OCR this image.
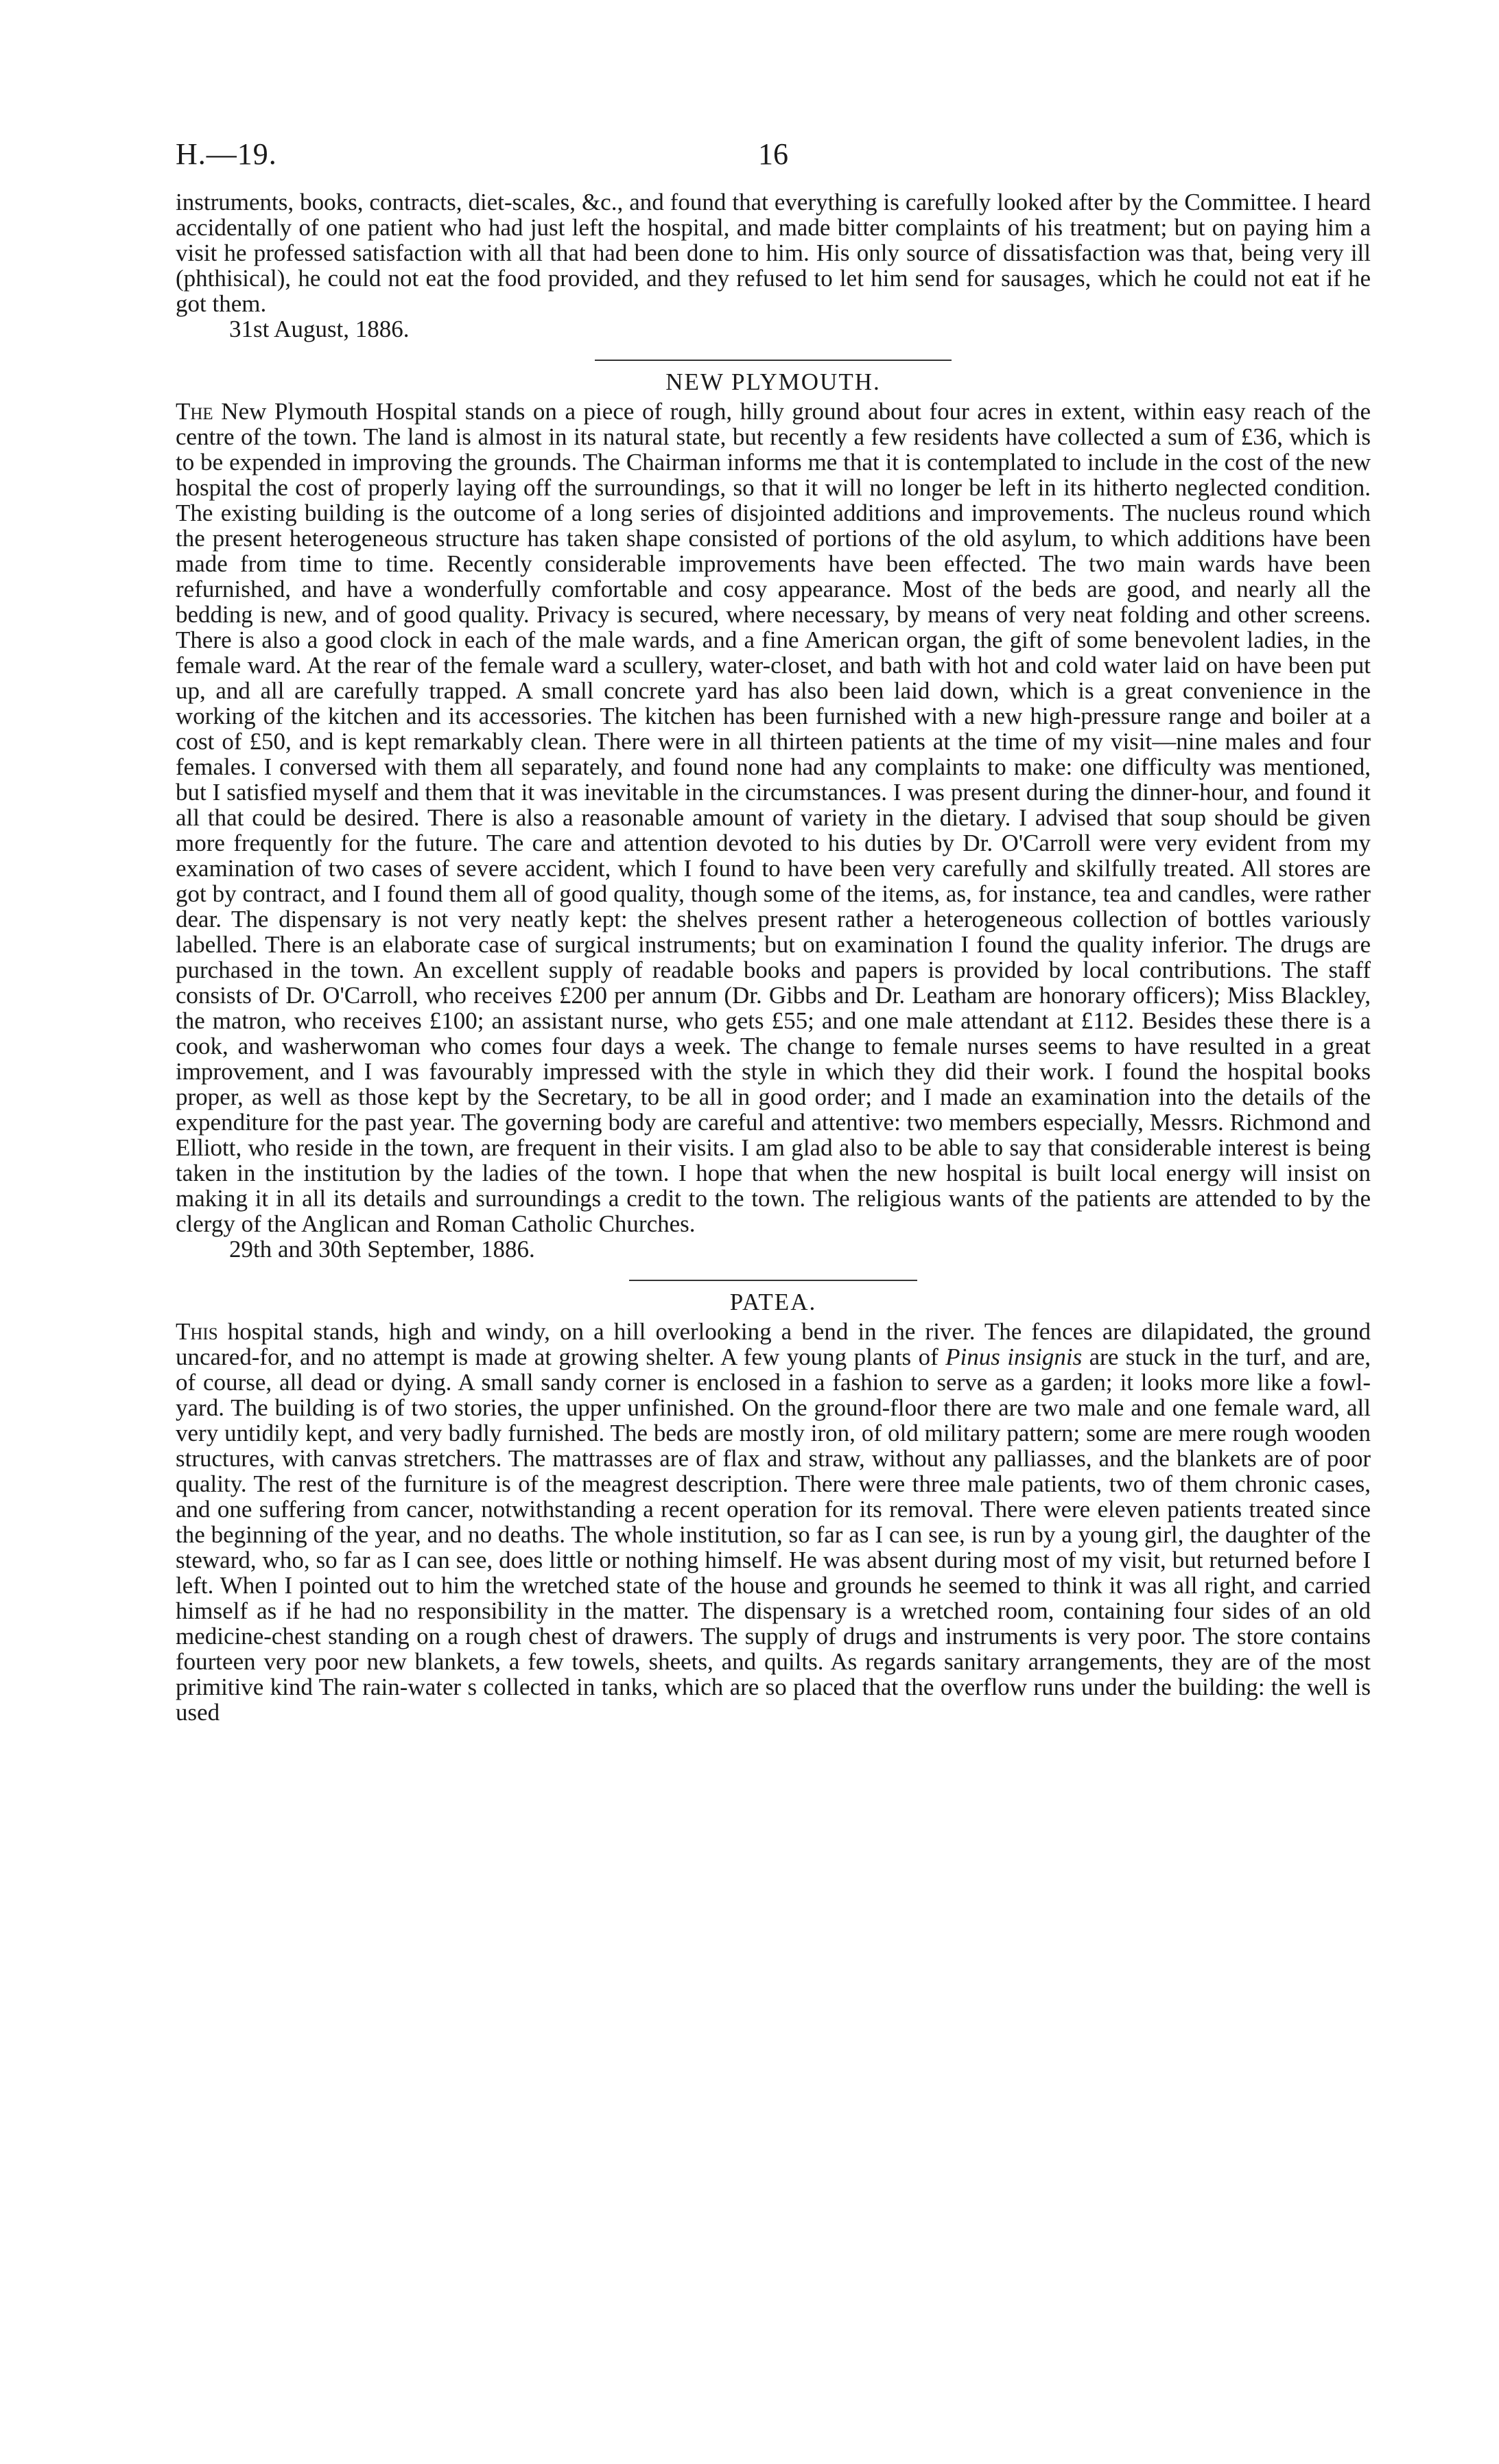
H.—19.	16

instruments, books, contracts, diet-scales, &c., and found that everything is carefully looked after by the Committee. I heard accidentally of one patient who had just left the hospital, and made bitter complaints of his treatment; but on paying him a visit he professed satisfaction with all that had been done to him. His only source of dissatisfaction was that, being very ill (phthisical), he could not eat the food provided, and they refused to let him send for sausages, which he could not eat if he got them.

31st August, 1886.

NEW PLYMOUTH.

The New Plymouth Hospital stands on a piece of rough, hilly ground about four acres in extent, within easy reach of the centre of the town. The land is almost in its natural state, but recently a few residents have collected a sum of £36, which is to be expended in improving the grounds. The Chairman informs me that it is contemplated to include in the cost of the new hospital the cost of properly laying off the surroundings, so that it will no longer be left in its hitherto neglected condition. The existing building is the outcome of a long series of disjointed additions and improvements. The nucleus round which the present heterogeneous structure has taken shape consisted of portions of the old asylum, to which additions have been made from time to time. Recently considerable improvements have been effected. The two main wards have been refurnished, and have a wonderfully comfortable and cosy appearance. Most of the beds are good, and nearly all the bedding is new, and of good quality. Privacy is secured, where necessary, by means of very neat folding and other screens. There is also a good clock in each of the male wards, and a fine American organ, the gift of some benevolent ladies, in the female ward. At the rear of the female ward a scullery, water-closet, and bath with hot and cold water laid on have been put up, and all are carefully trapped. A small concrete yard has also been laid down, which is a great convenience in the working of the kitchen and its accessories. The kitchen has been furnished with a new high-pressure range and boiler at a cost of £50, and is kept remarkably clean. There were in all thirteen patients at the time of my visit—nine males and four females. I conversed with them all separately, and found none had any complaints to make: one difficulty was mentioned, but I satisfied myself and them that it was inevitable in the circumstances. I was present during the dinner-hour, and found it all that could be desired. There is also a reasonable amount of variety in the dietary. I advised that soup should be given more frequently for the future. The care and attention devoted to his duties by Dr. O'Carroll were very evident from my examination of two cases of severe accident, which I found to have been very carefully and skilfully treated. All stores are got by contract, and I found them all of good quality, though some of the items, as, for instance, tea and candles, were rather dear. The dispensary is not very neatly kept: the shelves present rather a heterogeneous collection of bottles variously labelled. There is an elaborate case of surgical instruments; but on examination I found the quality inferior. The drugs are purchased in the town. An excellent supply of readable books and papers is provided by local contributions. The staff consists of Dr. O'Carroll, who receives £200 per annum (Dr. Gibbs and Dr. Leatham are honorary officers); Miss Blackley, the matron, who receives £100; an assistant nurse, who gets £55; and one male attendant at £112. Besides these there is a cook, and washerwoman who comes four days a week. The change to female nurses seems to have resulted in a great improvement, and I was favourably impressed with the style in which they did their work. I found the hospital books proper, as well as those kept by the Secretary, to be all in good order; and I made an examination into the details of the expenditure for the past year. The governing body are careful and attentive: two members especially, Messrs. Richmond and Elliott, who reside in the town, are frequent in their visits. I am glad also to be able to say that considerable interest is being taken in the institution by the ladies of the town. I hope that when the new hospital is built local energy will insist on making it in all its details and surroundings a credit to the town. The religious wants of the patients are attended to by the clergy of the Anglican and Roman Catholic Churches.

29th and 30th September, 1886.

PATEA.

This hospital stands, high and windy, on a hill overlooking a bend in the river. The fences are dilapidated, the ground uncared-for, and no attempt is made at growing shelter. A few young plants of Pinus insignis are stuck in the turf, and are, of course, all dead or dying. A small sandy corner is enclosed in a fashion to serve as a garden; it looks more like a fowl-yard. The building is of two stories, the upper unfinished. On the ground-floor there are two male and one female ward, all very untidily kept, and very badly furnished. The beds are mostly iron, of old military pattern; some are mere rough wooden structures, with canvas stretchers. The mattrasses are of flax and straw, without any palliasses, and the blankets are of poor quality. The rest of the furniture is of the meagrest description. There were three male patients, two of them chronic cases, and one suffering from cancer, notwithstanding a recent operation for its removal. There were eleven patients treated since the beginning of the year, and no deaths. The whole institution, so far as I can see, is run by a young girl, the daughter of the steward, who, so far as I can see, does little or nothing himself. He was absent during most of my visit, but returned before I left. When I pointed out to him the wretched state of the house and grounds he seemed to think it was all right, and carried himself as if he had no responsibility in the matter. The dispensary is a wretched room, containing four sides of an old medicine-chest standing on a rough chest of drawers. The supply of drugs and instruments is very poor. The store contains fourteen very poor new blankets, a few towels, sheets, and quilts. As regards sanitary arrangements, they are of the most primitive kind The rain-water s collected in tanks, which are so placed that the overflow runs under the building: the well is used
